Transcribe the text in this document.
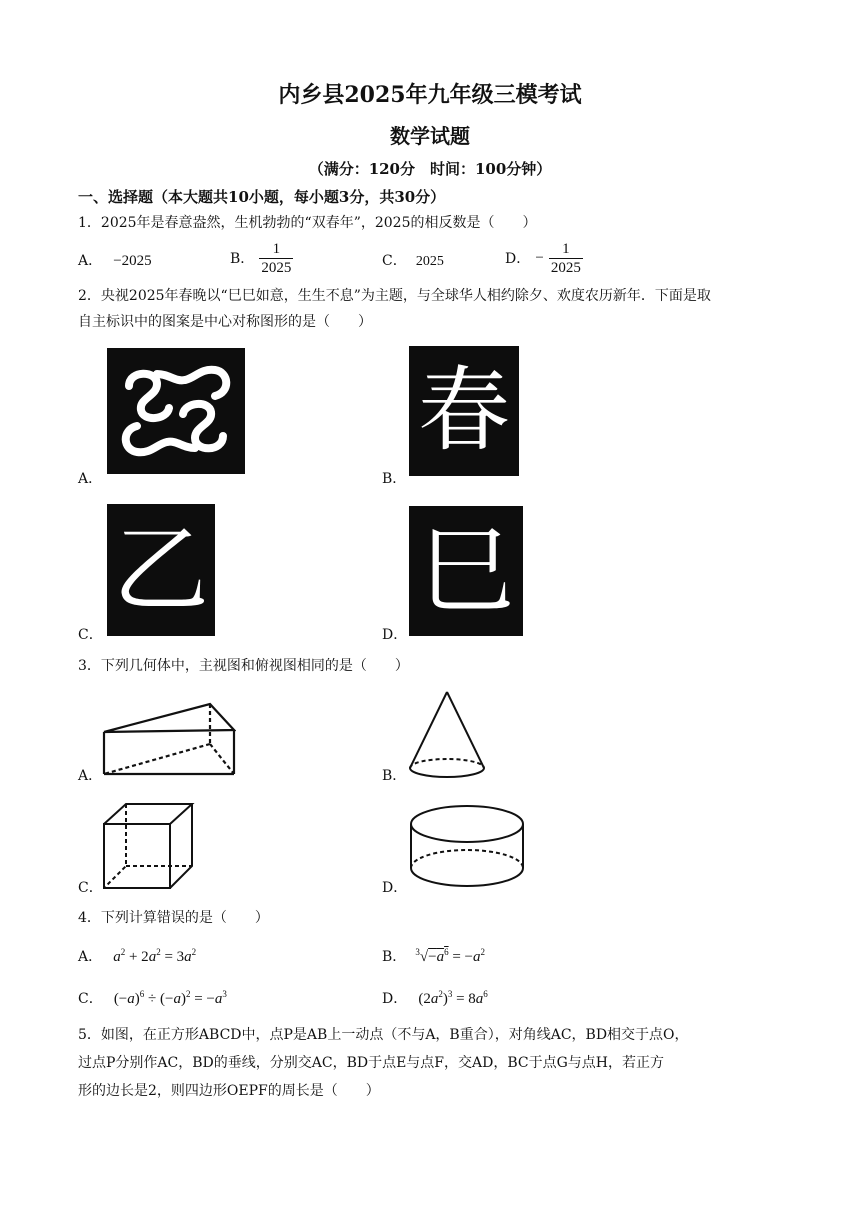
内乡县2025年九年级三模考试
数学试题
（满分：120分　时间：100分钟）
一、选择题（本大题共10小题，每小题3分，共30分）
1．2025年是春意盎然，生机勃勃的“双春年”，2025的相反数是（　　）
A． −2025	B． $\frac{1}{2025}$	C． 2025	D． − $\frac{1}{2025}$
2．央视2025年春晚以“巳巳如意，生生不息”为主题，与全球华人相约除夕、欢度农历新年．下面是取
自主标识中的图案是中心对称图形的是（　　）
A．	B．
春
C．
乙
D．
巳
3．下列几何体中，主视图和俯视图相同的是（　　）
A．	B．
C．	D．
4．下列计算错误的是（　　）
A． $a^2 + 2a^2 = 3a^2$	B． $^3√-a^6 = -a^2$
C． $(-a)^6 \div (-a)^2 = -a^3$	D． $(2a^2)^3 = 8a^6$
5．如图，在正方形ABCD中，点P是AB上一动点（不与A，B重合），对角线AC，BD相交于点O，
过点P分别作AC，BD的垂线，分别交AC，BD于点E与点F，交AD，BC于点G与点H，若正方
形的边长是2，则四边形OEPF的周长是（　　）
